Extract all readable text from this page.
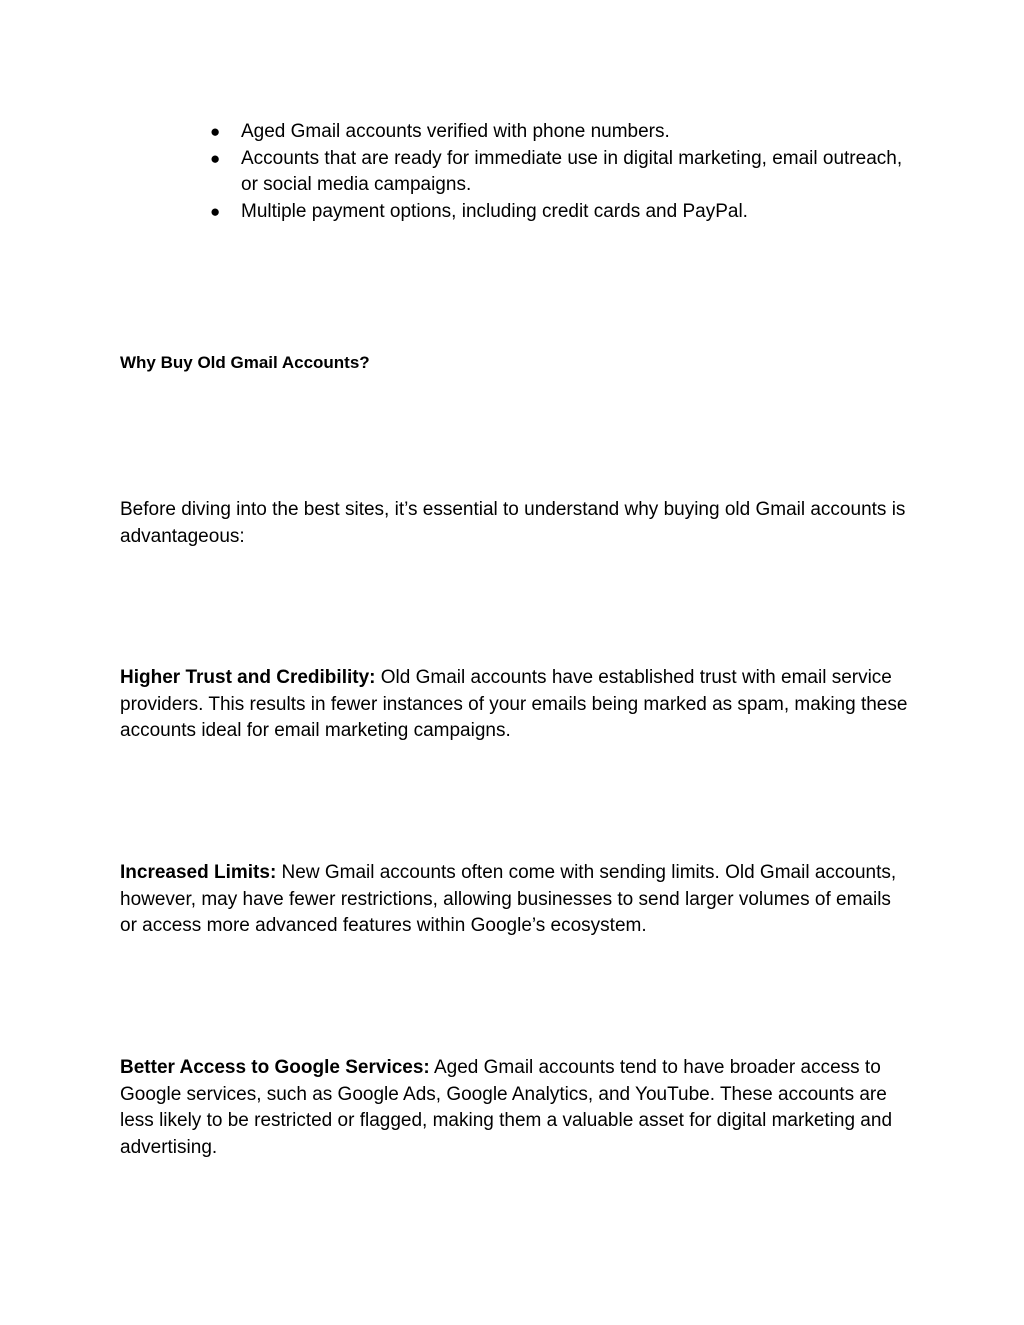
● Aged Gmail accounts verified with phone numbers.
● Accounts that are ready for immediate use in digital marketing, email outreach, or social media campaigns.
● Multiple payment options, including credit cards and PayPal.
Why Buy Old Gmail Accounts?

Before diving into the best sites, it’s essential to understand why buying old Gmail accounts is advantageous:

Higher Trust and Credibility: Old Gmail accounts have established trust with email service providers. This results in fewer instances of your emails being marked as spam, making these accounts ideal for email marketing campaigns.

Increased Limits: New Gmail accounts often come with sending limits. Old Gmail accounts, however, may have fewer restrictions, allowing businesses to send larger volumes of emails or access more advanced features within Google’s ecosystem.

Better Access to Google Services: Aged Gmail accounts tend to have broader access to Google services, such as Google Ads, Google Analytics, and YouTube. These accounts are less likely to be restricted or flagged, making them a valuable asset for digital marketing and advertising.
